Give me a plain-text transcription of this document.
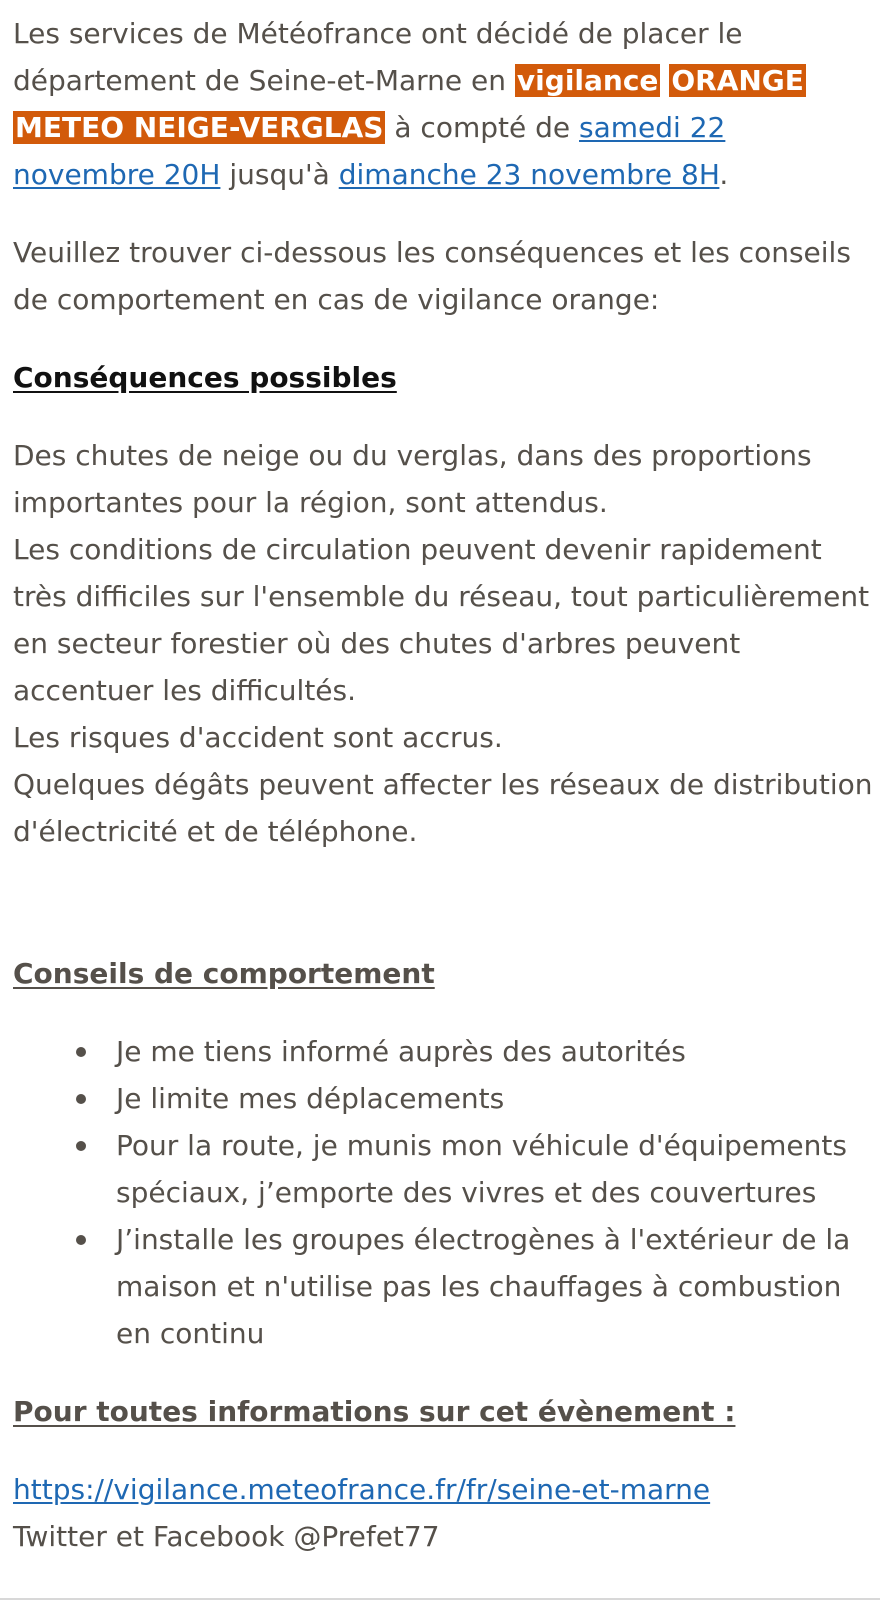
Les services de Météofrance ont décidé de placer le département de Seine-et-Marne en vigilance ORANGE METEO NEIGE-VERGLAS à compté de samedi 22 novembre 20H jusqu'à dimanche 23 novembre 8H.

Veuillez trouver ci-dessous les conséquences et les conseils de comportement en cas de vigilance orange:

Conséquences possibles

Des chutes de neige ou du verglas, dans des proportions importantes pour la région, sont attendus.

Les conditions de circulation peuvent devenir rapidement très difficiles sur l'ensemble du réseau, tout particulièrement en secteur forestier où des chutes d'arbres peuvent accentuer les difficultés.

Les risques d'accident sont accrus.

Quelques dégâts peuvent affecter les réseaux de distribution d'électricité et de téléphone.

Conseils de comportement

Je me tiens informé auprès des autorités
Je limite mes déplacements
Pour la route, je munis mon véhicule d'équipements spéciaux, j’emporte des vivres et des couvertures
J’installe les groupes électrogènes à l'extérieur de la maison et n'utilise pas les chauffages à combustion en continu

Pour toutes informations sur cet évènement :

https://vigilance.meteofrance.fr/fr/seine-et-marne

Twitter et Facebook @Prefet77
